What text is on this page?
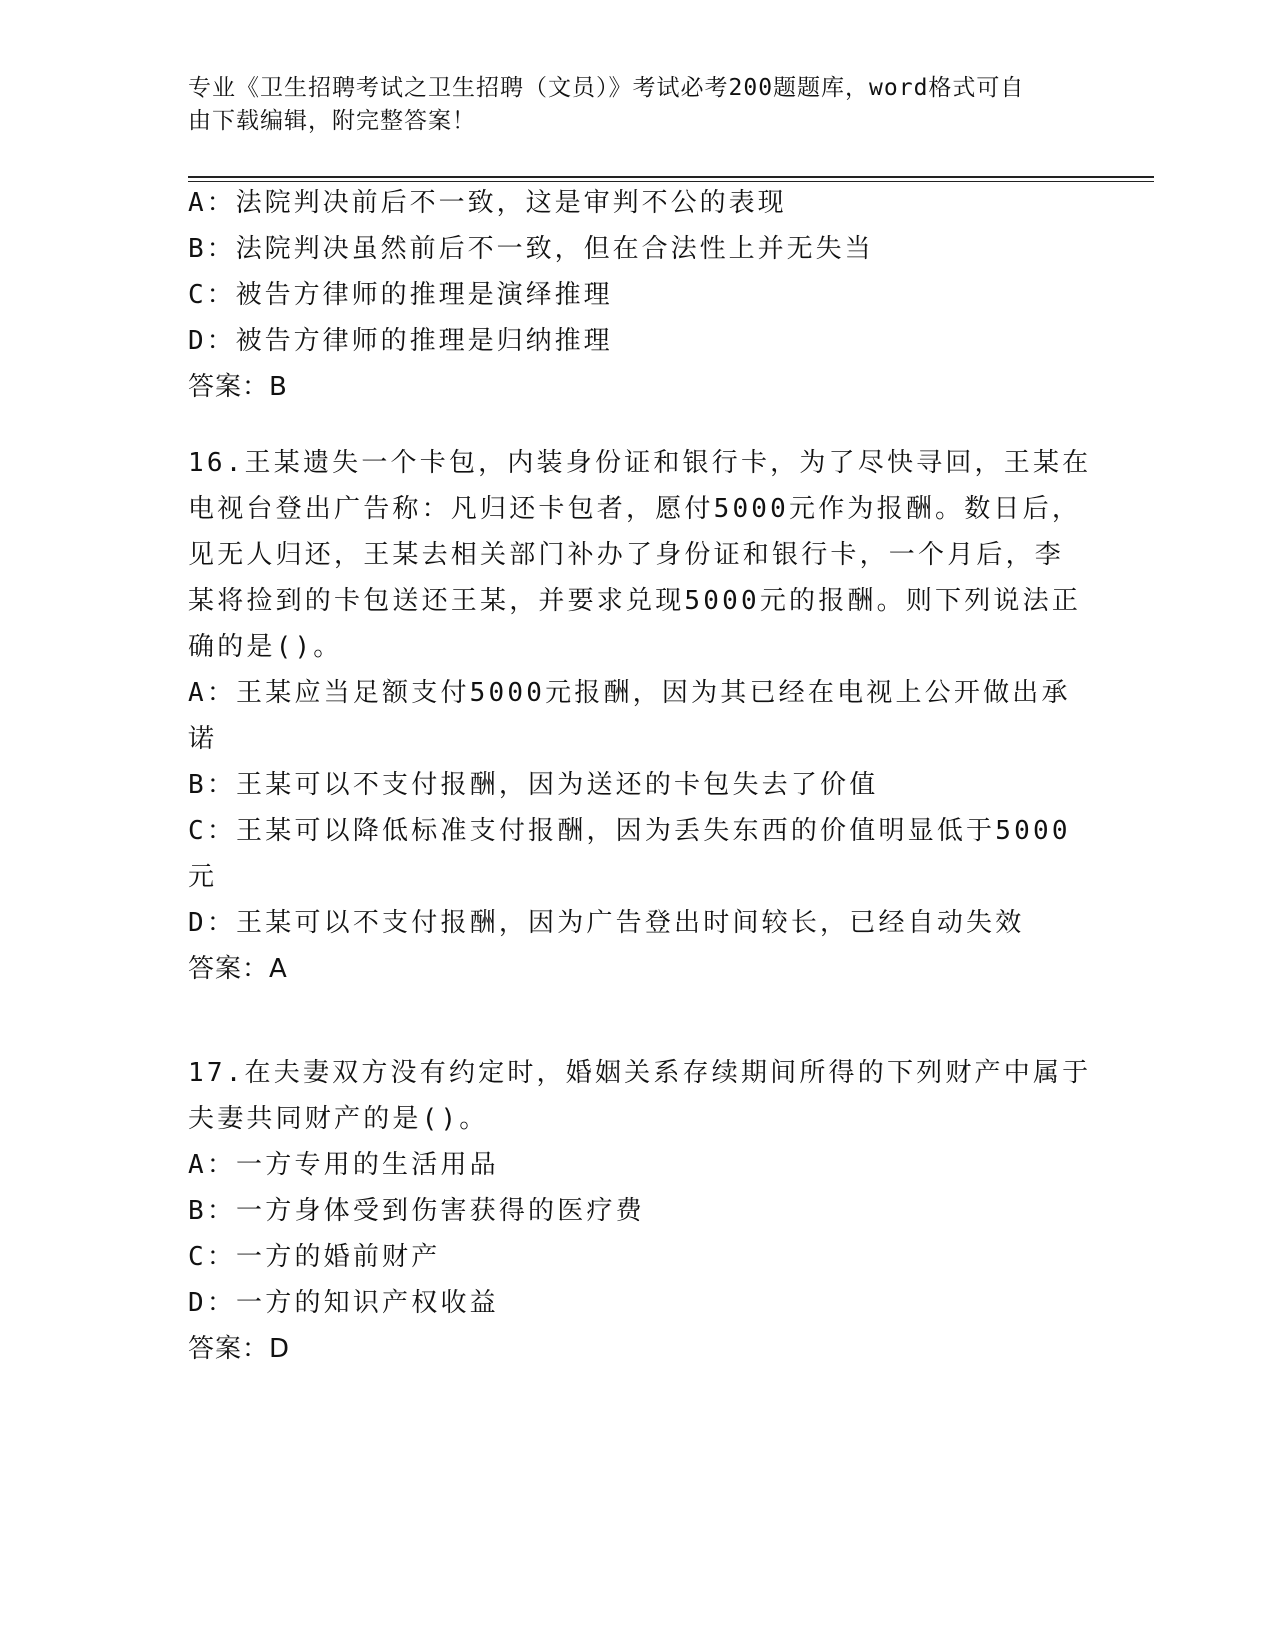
专业《卫生招聘考试之卫生招聘（文员）》考试必考200题题库，word格式可自
由下载编辑，附完整答案！
A：法院判决前后不一致，这是审判不公的表现
B：法院判决虽然前后不一致，但在合法性上并无失当
C：被告方律师的推理是演绎推理
D：被告方律师的推理是归纳推理
答案：B
16.王某遗失一个卡包，内装身份证和银行卡，为了尽快寻回，王某在
电视台登出广告称：凡归还卡包者，愿付5000元作为报酬。数日后，
见无人归还，王某去相关部门补办了身份证和银行卡，一个月后，李
某将捡到的卡包送还王某，并要求兑现5000元的报酬。则下列说法正
确的是()。
A：王某应当足额支付5000元报酬，因为其已经在电视上公开做出承
诺
B：王某可以不支付报酬，因为送还的卡包失去了价值
C：王某可以降低标准支付报酬，因为丢失东西的价值明显低于5000
元
D：王某可以不支付报酬，因为广告登出时间较长，已经自动失效
答案：A
17.在夫妻双方没有约定时，婚姻关系存续期间所得的下列财产中属于
夫妻共同财产的是()。
A：一方专用的生活用品
B：一方身体受到伤害获得的医疗费
C：一方的婚前财产
D：一方的知识产权收益
答案：D
